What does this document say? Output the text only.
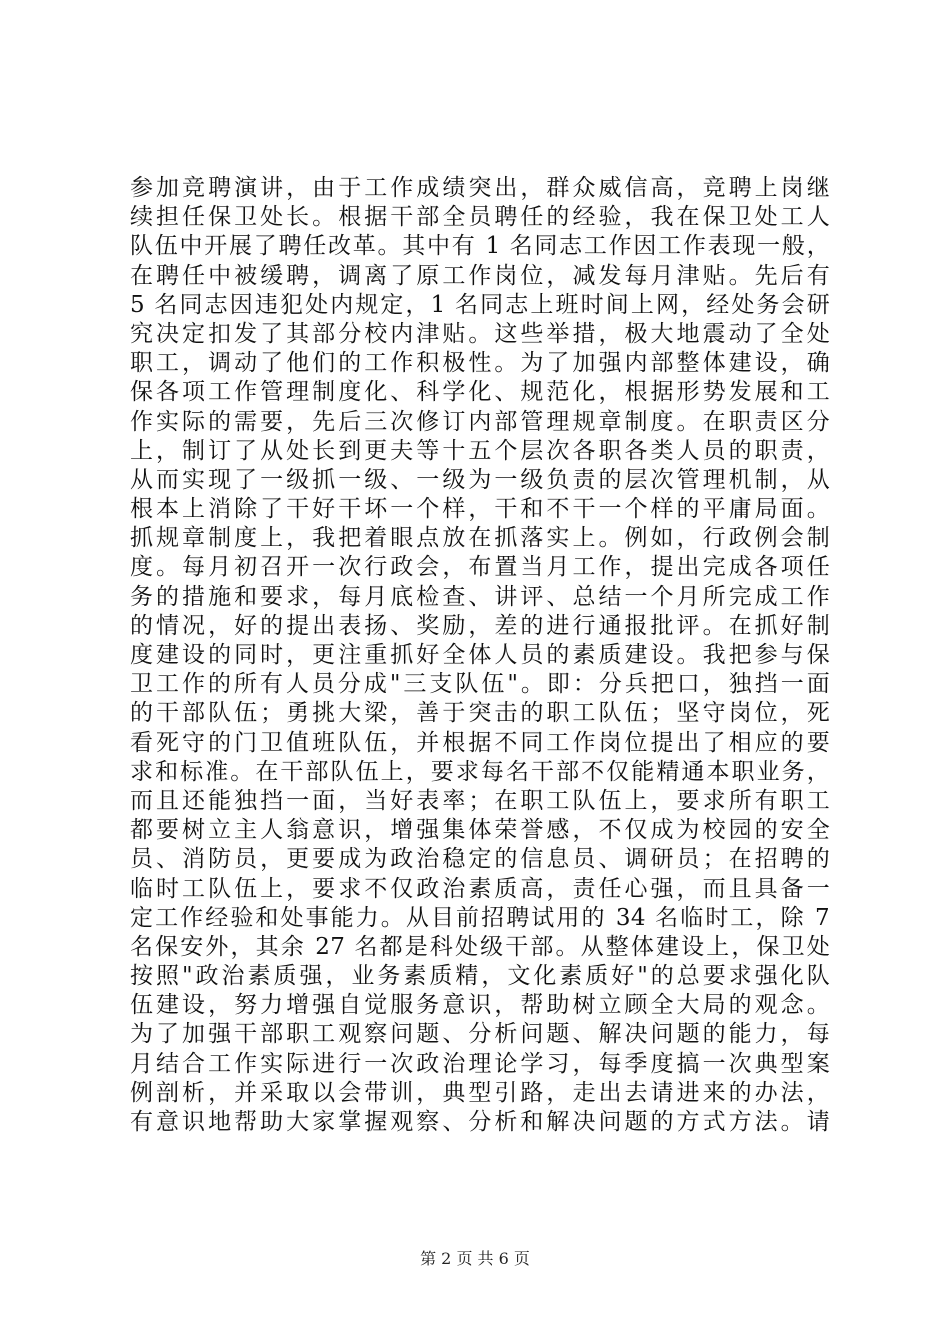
参加竞聘演讲，由于工作成绩突出，群众威信高，竞聘上岗继
续担任保卫处长。根据干部全员聘任的经验，我在保卫处工人
队伍中开展了聘任改革。其中有 1 名同志工作因工作表现一般，
在聘任中被缓聘，调离了原工作岗位，减发每月津贴。先后有
5 名同志因违犯处内规定，1 名同志上班时间上网，经处务会研
究决定扣发了其部分校内津贴。这些举措，极大地震动了全处
职工，调动了他们的工作积极性。为了加强内部整体建设，确
保各项工作管理制度化、科学化、规范化，根据形势发展和工
作实际的需要，先后三次修订内部管理规章制度。在职责区分
上，制订了从处长到更夫等十五个层次各职各类人员的职责，
从而实现了一级抓一级、一级为一级负责的层次管理机制，从
根本上消除了干好干坏一个样，干和不干一个样的平庸局面。
抓规章制度上，我把着眼点放在抓落实上。例如，行政例会制
度。每月初召开一次行政会，布置当月工作，提出完成各项任
务的措施和要求，每月底检查、讲评、总结一个月所完成工作
的情况，好的提出表扬、奖励，差的进行通报批评。在抓好制
度建设的同时，更注重抓好全体人员的素质建设。我把参与保
卫工作的所有人员分成"三支队伍"。即：分兵把口，独挡一面
的干部队伍；勇挑大梁，善于突击的职工队伍；坚守岗位，死
看死守的门卫值班队伍，并根据不同工作岗位提出了相应的要
求和标准。在干部队伍上，要求每名干部不仅能精通本职业务，
而且还能独挡一面，当好表率；在职工队伍上，要求所有职工
都要树立主人翁意识，增强集体荣誉感，不仅成为校园的安全
员、消防员，更要成为政治稳定的信息员、调研员；在招聘的
临时工队伍上，要求不仅政治素质高，责任心强，而且具备一
定工作经验和处事能力。从目前招聘试用的 34 名临时工，除 7
名保安外，其余 27 名都是科处级干部。从整体建设上，保卫处
按照"政治素质强，业务素质精，文化素质好"的总要求强化队
伍建设，努力增强自觉服务意识，帮助树立顾全大局的观念。
为了加强干部职工观察问题、分析问题、解决问题的能力，每
月结合工作实际进行一次政治理论学习，每季度搞一次典型案
例剖析，并采取以会带训，典型引路，走出去请进来的办法，
有意识地帮助大家掌握观察、分析和解决问题的方式方法。请
第 2 页 共 6 页
